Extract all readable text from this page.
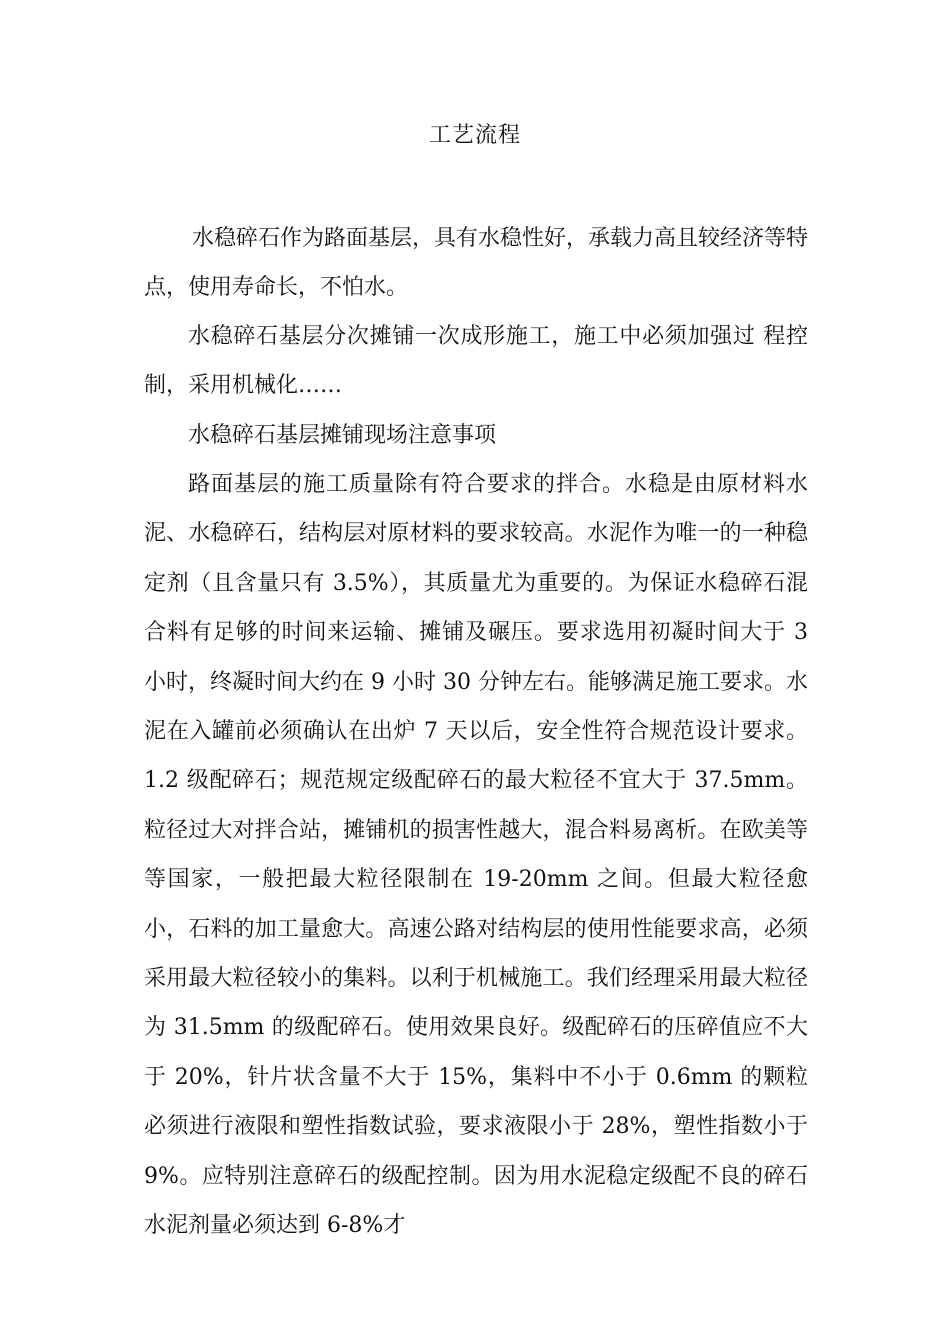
工艺流程

水稳碎石作为路面基层，具有水稳性好，承载力高且较经济等特点，使用寿命长，不怕水。

水稳碎石基层分次摊铺一次成形施工，施工中必须加强过 程控制，采用机械化……

水稳碎石基层摊铺现场注意事项

路面基层的施工质量除有符合要求的拌合。水稳是由原材料水泥、水稳碎石，结构层对原材料的要求较高。水泥作为唯一的一种稳定剂（且含量只有 3.5%），其质量尤为重要的。为保证水稳碎石混合料有足够的时间来运输、摊铺及碾压。要求选用初凝时间大于 3 小时，终凝时间大约在 9 小时 30 分钟左右。能够满足施工要求。水泥在入罐前必须确认在出炉 7 天以后，安全性符合规范设计要求。1.2 级配碎石；规范规定级配碎石的最大粒径不宜大于 37.5mm。粒径过大对拌合站，摊铺机的损害性越大，混合料易离析。在欧美等等国家，一般把最大粒径限制在 19-20mm 之间。但最大粒径愈小，石料的加工量愈大。高速公路对结构层的使用性能要求高，必须采用最大粒径较小的集料。以利于机械施工。我们经理采用最大粒径为 31.5mm 的级配碎石。使用效果良好。级配碎石的压碎值应不大于 20%，针片状含量不大于 15%，集料中不小于 0.6mm 的颗粒必须进行液限和塑性指数试验，要求液限小于 28%，塑性指数小于 9%。应特别注意碎石的级配控制。因为用水泥稳定级配不良的碎石水泥剂量必须达到 6-8%才
